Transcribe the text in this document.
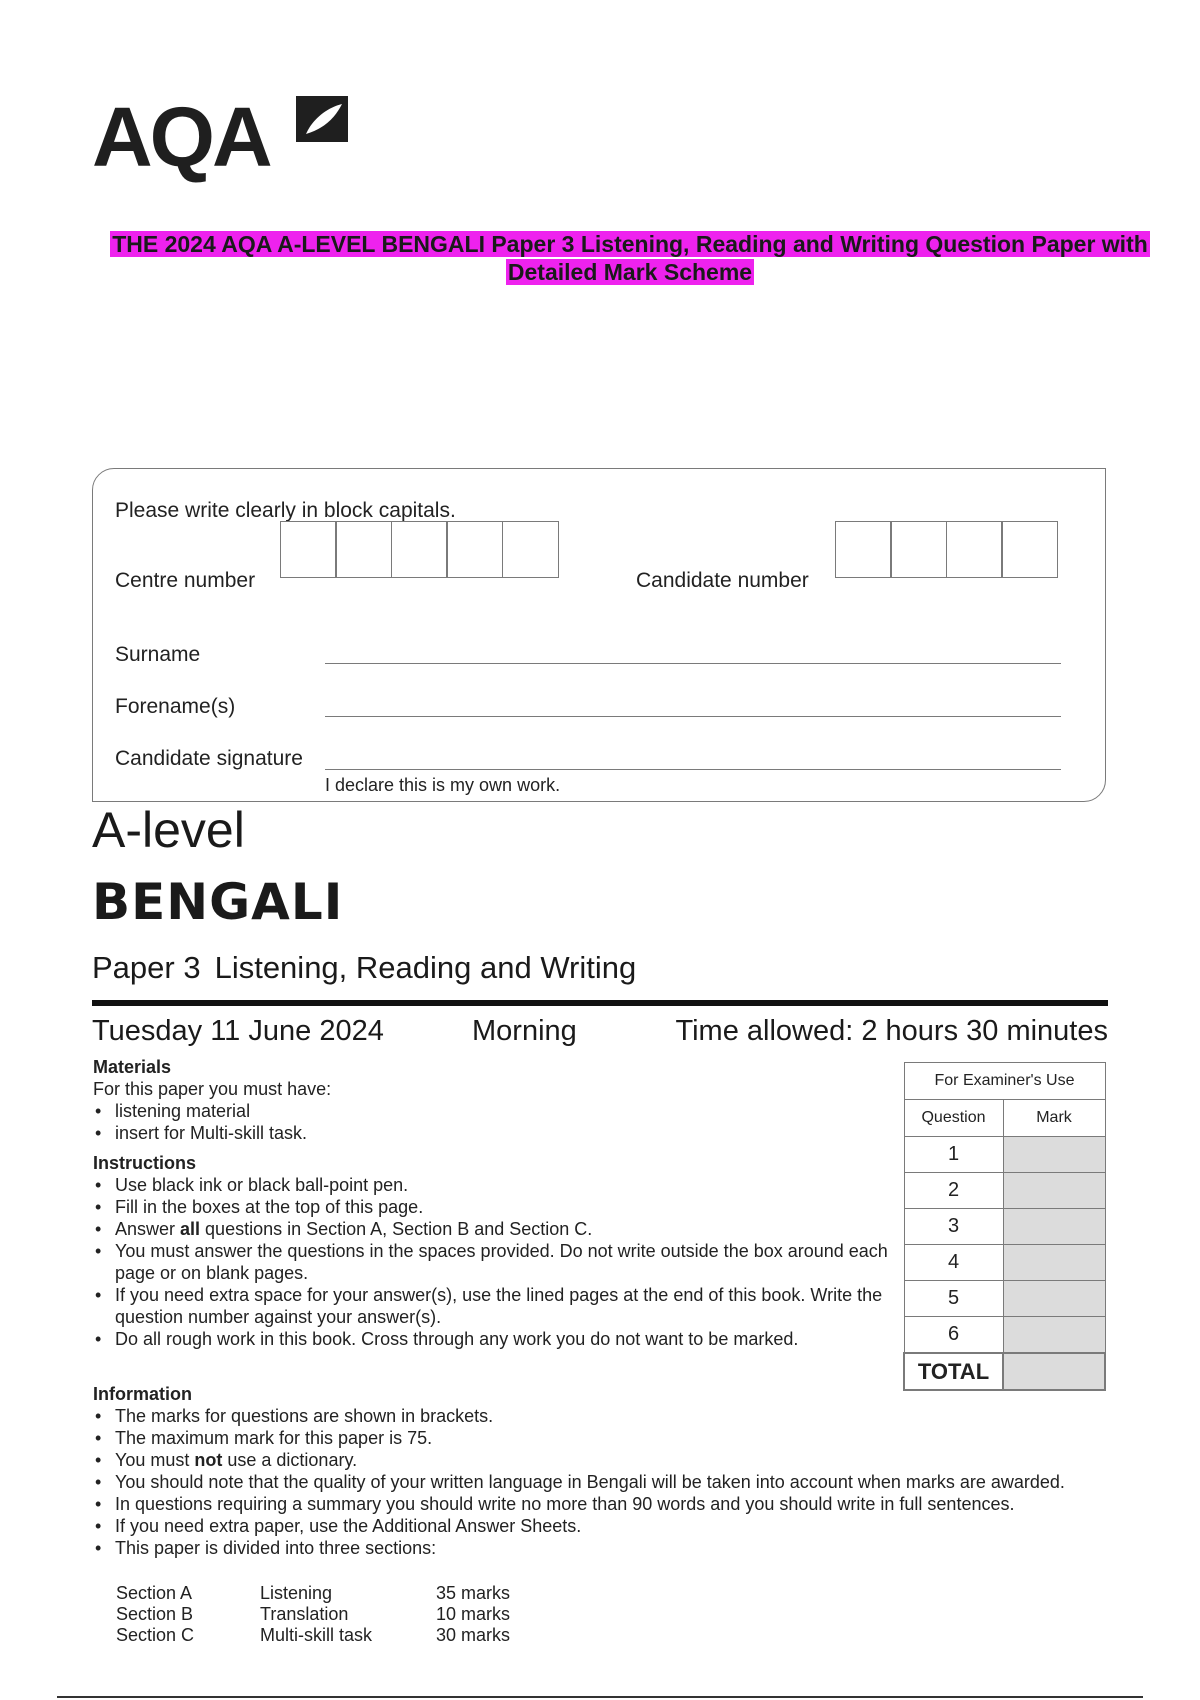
AQA
THE 2024 AQA A-LEVEL BENGALI Paper 3 Listening, Reading and Writing Question Paper with Detailed Mark Scheme
Please write clearly in block capitals.
Centre number	Candidate number
Surname
Forename(s)
Candidate signature
I declare this is my own work.
A-level
BENGALI
Paper 3 Listening, Reading and Writing
Tuesday 11 June 2024	Morning	Time allowed: 2 hours 30 minutes
Materials
For this paper you must have:
• listening material
• insert for Multi-skill task.
Instructions
• Use black ink or black ball-point pen.
• Fill in the boxes at the top of this page.
• Answer all questions in Section A, Section B and Section C.
• You must answer the questions in the spaces provided. Do not write outside the box around each page or on blank pages.
• If you need extra space for your answer(s), use the lined pages at the end of this book. Write the question number against your answer(s).
• Do all rough work in this book. Cross through any work you do not want to be marked.
Information
• The marks for questions are shown in brackets.
• The maximum mark for this paper is 75.
• You must not use a dictionary.
• You should note that the quality of your written language in Bengali will be taken into account when marks are awarded.
• In questions requiring a summary you should write no more than 90 words and you should write in full sentences.
• If you need extra paper, use the Additional Answer Sheets.
• This paper is divided into three sections:
Section A	Listening	35 marks
Section B	Translation	10 marks
Section C	Multi-skill task	30 marks
For Examiner's Use	
Question	Mark
1	
2	
3	
4	
5	
6	
TOTAL	
